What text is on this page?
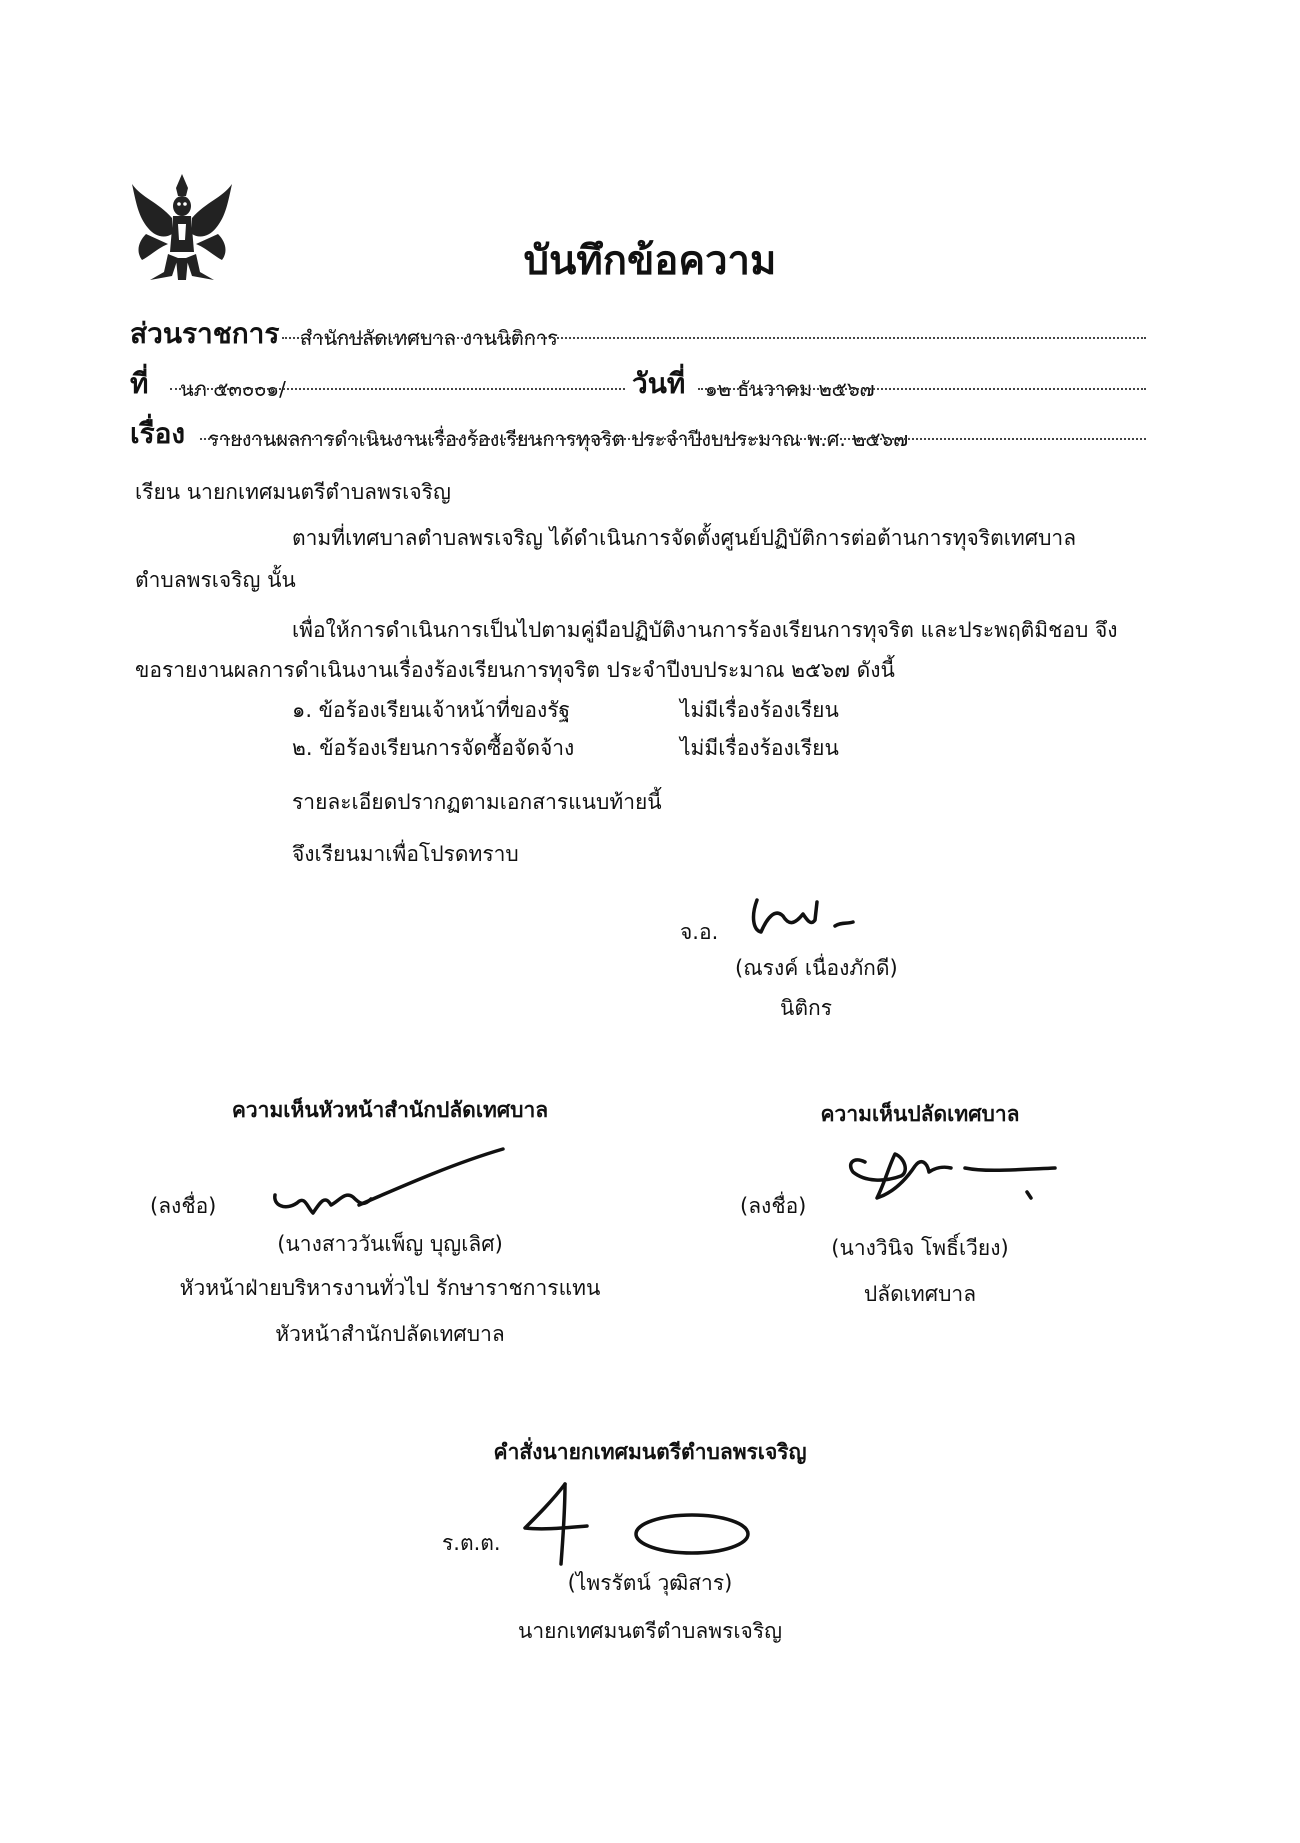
บันทึกข้อความ
ส่วนราชการ สำนักปลัดเทศบาล งานนิติการ
ที่ นภ ๕๓๐๐๑/	วันที่ ๑๒ ธันวาคม ๒๕๖๗
เรื่อง รายงานผลการดำเนินงานเรื่องร้องเรียนการทุจริต ประจำปีงบประมาณ พ.ศ. ๒๕๖๗
เรียน นายกเทศมนตรีตำบลพรเจริญ
ตามที่เทศบาลตำบลพรเจริญ ได้ดำเนินการจัดตั้งศูนย์ปฏิบัติการต่อต้านการทุจริตเทศบาล
ตำบลพรเจริญ นั้น
เพื่อให้การดำเนินการเป็นไปตามคู่มือปฏิบัติงานการร้องเรียนการทุจริต และประพฤติมิชอบ จึง
ขอรายงานผลการดำเนินงานเรื่องร้องเรียนการทุจริต ประจำปีงบประมาณ ๒๕๖๗ ดังนี้
๑. ข้อร้องเรียนเจ้าหน้าที่ของรัฐ	ไม่มีเรื่องร้องเรียน
๒. ข้อร้องเรียนการจัดซื้อจัดจ้าง	ไม่มีเรื่องร้องเรียน
รายละเอียดปรากฏตามเอกสารแนบท้ายนี้
จึงเรียนมาเพื่อโปรดทราบ
จ.อ.
(ณรงค์ เนื่องภักดี)
นิติกร
ความเห็นหัวหน้าสำนักปลัดเทศบาล
(ลงชื่อ)
(นางสาววันเพ็ญ บุญเลิศ)
หัวหน้าฝ่ายบริหารงานทั่วไป รักษาราชการแทน
หัวหน้าสำนักปลัดเทศบาล
ความเห็นปลัดเทศบาล
(ลงชื่อ)
(นางวินิจ โพธิ์เวียง)
ปลัดเทศบาล
คำสั่งนายกเทศมนตรีตำบลพรเจริญ
ร.ต.ต.
(ไพรรัตน์ วุฒิสาร)
นายกเทศมนตรีตำบลพรเจริญ
